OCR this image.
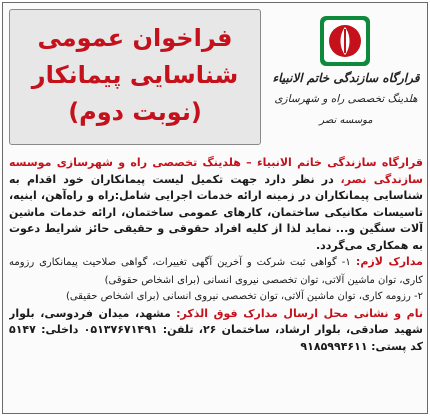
فراخوان عمومی
شناسایی پیمانکار
(نوبت دوم)
قرارگاه سازندگی خاتم الانبیاء
هلدینگ تخصصی راه و شهرسازی
موسسه نصر

قرارگاه سازندگی خاتم الانبیاء – هلدینگ تخصصی راه و شهرسازی موسسه سازندگی نصر، در نظر دارد جهت تکمیل لیست پیمانکاران خود اقدام به شناسایی پیمانکاران در زمینه ارائه خدمات اجرایی شامل:راه و راه‌آهن، ابنیه، تاسیسات مکانیکی ساختمان، کارهای عمومی ساختمان، ارائه خدمات ماشین آلات سنگین و... نماید لذا از کلیه افراد حقوقی و حقیقی حائز شرایط دعوت به همکاری می‌گردد.

مدارک لازم: ۱- گواهی ثبت شرکت و آخرین آگهی تغییرات، گواهی صلاحیت پیمانکاری رزومه کاری، توان ماشین آلاتی، توان تخصصی نیروی انسانی (برای اشخاص حقوقی)

۲- رزومه کاری، توان ماشین آلاتی، توان تخصصی نیروی انسانی (برای اشخاص حقیقی)

نام و نشانی محل ارسال مدارک فوق الذکر: مشهد، میدان فردوسی، بلوار شهید صادقی، بلوار ارشاد، ساختمان ۲۶، تلفن: ۰۵۱۳۷۶۷۱۴۹۱ داخلی: ۵۱۴۷ کد پستی: ۹۱۸۵۹۹۴۶۱۱
